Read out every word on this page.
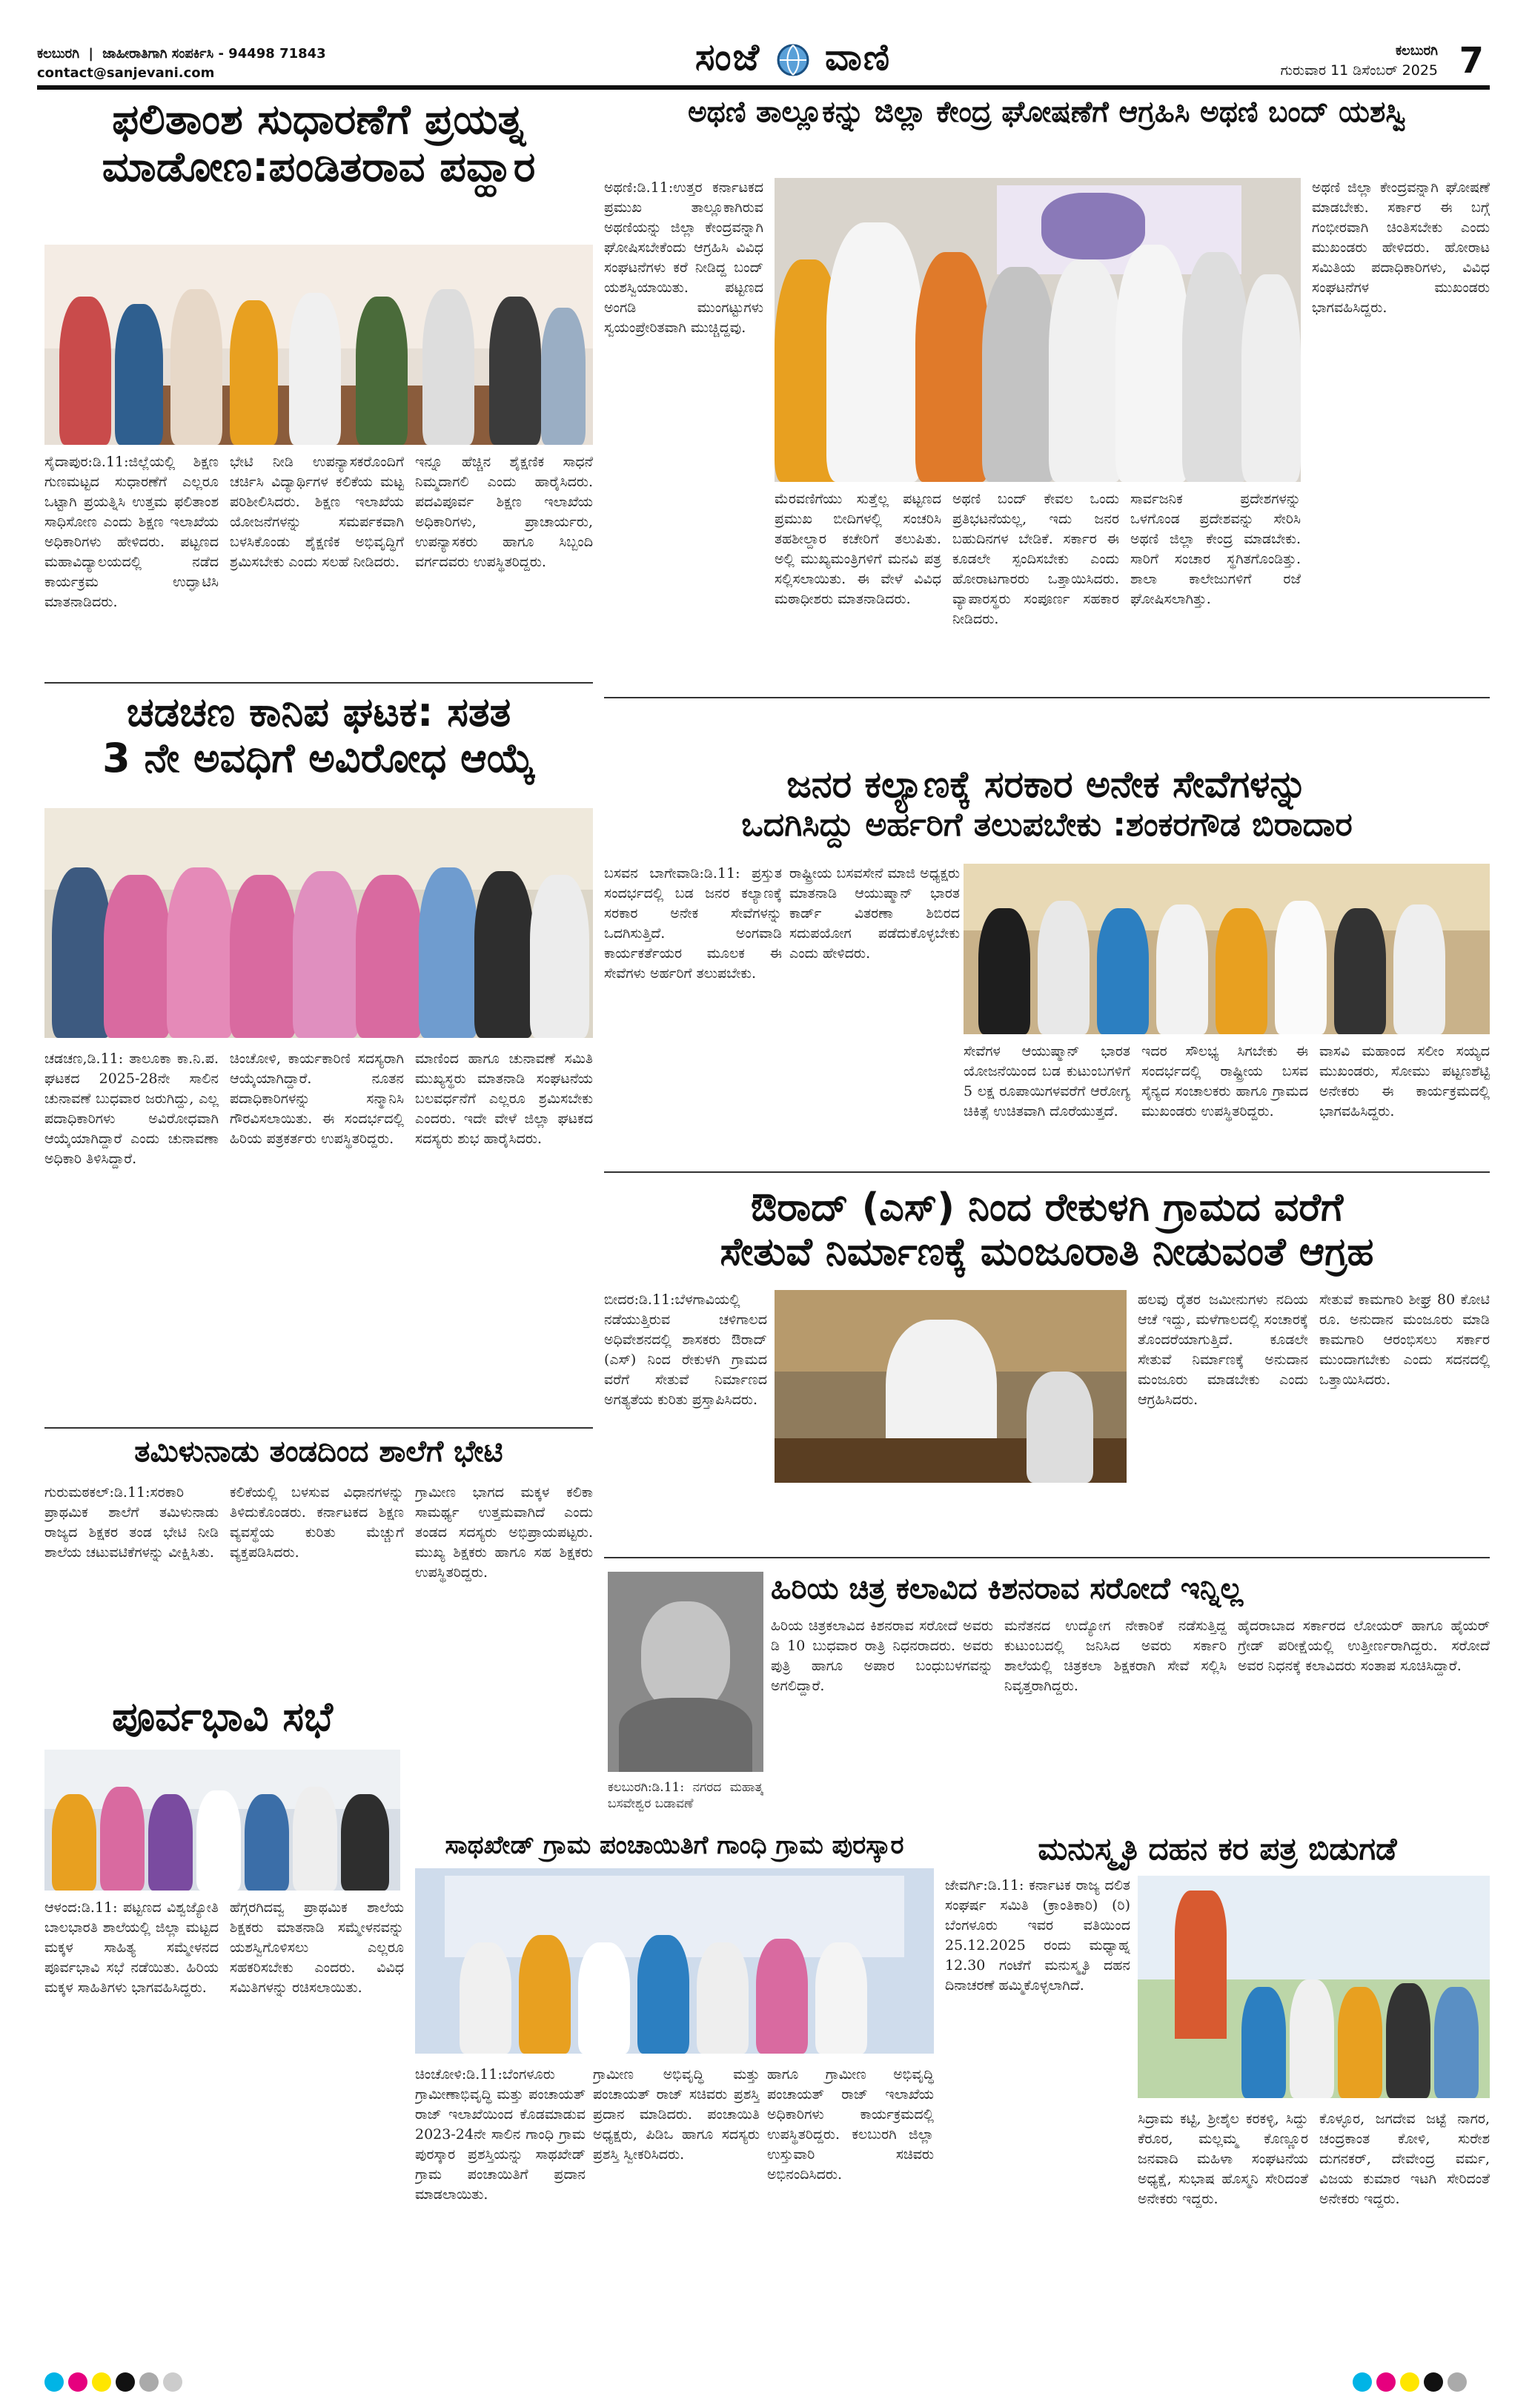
ಕಲಬುರಗಿ | ಜಾಹೀರಾತಿಗಾಗಿ ಸಂಪರ್ಕಿಸಿ - 94498 71843
contact@sanjevani.com	ಸಂಜೆ ವಾಣಿ	ಕಲಬುರಗಿ
ಗುರುವಾರ 11 ಡಿಸೆಂಬರ್ 2025 7
ಫಲಿತಾಂಶ ಸುಧಾರಣೆಗೆ ಪ್ರಯತ್ನ
ಮಾಡೋಣ:ಪಂಡಿತರಾವ ಪವ್ಹಾರ
ಸೈದಾಪುರ:ಡಿ.11:ಜಿಲ್ಲೆಯಲ್ಲಿ ಶಿಕ್ಷಣ ಗುಣಮಟ್ಟದ ಸುಧಾರಣೆಗೆ ಎಲ್ಲರೂ ಒಟ್ಟಾಗಿ ಪ್ರಯತ್ನಿಸಿ ಉತ್ತಮ ಫಲಿತಾಂಶ ಸಾಧಿಸೋಣ ಎಂದು ಶಿಕ್ಷಣ ಇಲಾಖೆಯ ಅಧಿಕಾರಿಗಳು ಹೇಳಿದರು. ಪಟ್ಟಣದ ಮಹಾವಿದ್ಯಾಲಯದಲ್ಲಿ ನಡೆದ ಕಾರ್ಯಕ್ರಮ ಉದ್ಘಾಟಿಸಿ ಮಾತನಾಡಿದರು.
ಭೇಟಿ ನೀಡಿ ಉಪನ್ಯಾಸಕರೊಂದಿಗೆ ಚರ್ಚಿಸಿ ವಿದ್ಯಾರ್ಥಿಗಳ ಕಲಿಕೆಯ ಮಟ್ಟ ಪರಿಶೀಲಿಸಿದರು. ಶಿಕ್ಷಣ ಇಲಾಖೆಯ ಯೋಜನೆಗಳನ್ನು ಸಮರ್ಪಕವಾಗಿ ಬಳಸಿಕೊಂಡು ಶೈಕ್ಷಣಿಕ ಅಭಿವೃದ್ಧಿಗೆ ಶ್ರಮಿಸಬೇಕು ಎಂದು ಸಲಹೆ ನೀಡಿದರು.
ಇನ್ನೂ ಹೆಚ್ಚಿನ ಶೈಕ್ಷಣಿಕ ಸಾಧನೆ ನಿಮ್ಮದಾಗಲಿ ಎಂದು ಹಾರೈಸಿದರು. ಪದವಿಪೂರ್ವ ಶಿಕ್ಷಣ ಇಲಾಖೆಯ ಅಧಿಕಾರಿಗಳು, ಪ್ರಾಚಾರ್ಯರು, ಉಪನ್ಯಾಸಕರು ಹಾಗೂ ಸಿಬ್ಬಂದಿ ವರ್ಗದವರು ಉಪಸ್ಥಿತರಿದ್ದರು.
ಅಥಣಿ ತಾಲ್ಲೂಕನ್ನು ಜಿಲ್ಲಾ ಕೇಂದ್ರ ಘೋಷಣೆಗೆ ಆಗ್ರಹಿಸಿ ಅಥಣಿ ಬಂದ್ ಯಶಸ್ವಿ
ಅಥಣಿ:ಡಿ.11:ಉತ್ತರ ಕರ್ನಾಟಕದ ಪ್ರಮುಖ ತಾಲ್ಲೂಕಾಗಿರುವ ಅಥಣಿಯನ್ನು ಜಿಲ್ಲಾ ಕೇಂದ್ರವನ್ನಾಗಿ ಘೋಷಿಸಬೇಕೆಂದು ಆಗ್ರಹಿಸಿ ವಿವಿಧ ಸಂಘಟನೆಗಳು ಕರೆ ನೀಡಿದ್ದ ಬಂದ್ ಯಶಸ್ವಿಯಾಯಿತು. ಪಟ್ಟಣದ ಅಂಗಡಿ ಮುಂಗಟ್ಟುಗಳು ಸ್ವಯಂಪ್ರೇರಿತವಾಗಿ ಮುಚ್ಚಿದ್ದವು.
ಮೆರವಣಿಗೆಯು ಸುತ್ತೆಲ್ಲ ಪಟ್ಟಣದ ಪ್ರಮುಖ ಬೀದಿಗಳಲ್ಲಿ ಸಂಚರಿಸಿ ತಹಶೀಲ್ದಾರ ಕಚೇರಿಗೆ ತಲುಪಿತು. ಅಲ್ಲಿ ಮುಖ್ಯಮಂತ್ರಿಗಳಿಗೆ ಮನವಿ ಪತ್ರ ಸಲ್ಲಿಸಲಾಯಿತು. ಈ ವೇಳೆ ವಿವಿಧ ಮಠಾಧೀಶರು ಮಾತನಾಡಿದರು.
ಅಥಣಿ ಬಂದ್ ಕೇವಲ ಒಂದು ಪ್ರತಿಭಟನೆಯಲ್ಲ, ಇದು ಜನರ ಬಹುದಿನಗಳ ಬೇಡಿಕೆ. ಸರ್ಕಾರ ಈ ಕೂಡಲೇ ಸ್ಪಂದಿಸಬೇಕು ಎಂದು ಹೋರಾಟಗಾರರು ಒತ್ತಾಯಿಸಿದರು. ವ್ಯಾಪಾರಸ್ಥರು ಸಂಪೂರ್ಣ ಸಹಕಾರ ನೀಡಿದರು.
ಸಾರ್ವಜನಿಕ ಪ್ರದೇಶಗಳನ್ನು ಒಳಗೊಂಡ ಪ್ರದೇಶವನ್ನು ಸೇರಿಸಿ ಅಥಣಿ ಜಿಲ್ಲಾ ಕೇಂದ್ರ ಮಾಡಬೇಕು. ಸಾರಿಗೆ ಸಂಚಾರ ಸ್ಥಗಿತಗೊಂಡಿತ್ತು. ಶಾಲಾ ಕಾಲೇಜುಗಳಿಗೆ ರಜೆ ಘೋಷಿಸಲಾಗಿತ್ತು.
ಅಥಣಿ ಜಿಲ್ಲಾ ಕೇಂದ್ರವನ್ನಾಗಿ ಘೋಷಣೆ ಮಾಡಬೇಕು. ಸರ್ಕಾರ ಈ ಬಗ್ಗೆ ಗಂಭೀರವಾಗಿ ಚಿಂತಿಸಬೇಕು ಎಂದು ಮುಖಂಡರು ಹೇಳಿದರು. ಹೋರಾಟ ಸಮಿತಿಯ ಪದಾಧಿಕಾರಿಗಳು, ವಿವಿಧ ಸಂಘಟನೆಗಳ ಮುಖಂಡರು ಭಾಗವಹಿಸಿದ್ದರು.
ಚಡಚಣ ಕಾನಿಪ ಘಟಕ: ಸತತ
3 ನೇ ಅವಧಿಗೆ ಅವಿರೋಧ ಆಯ್ಕೆ
ಚಡಚಣ,ಡಿ.11: ತಾಲೂಕಾ ಕಾ.ನಿ.ಪ. ಘಟಕದ 2025-28ನೇ ಸಾಲಿನ ಚುನಾವಣೆ ಬುಧವಾರ ಜರುಗಿದ್ದು, ಎಲ್ಲ ಪದಾಧಿಕಾರಿಗಳು ಅವಿರೋಧವಾಗಿ ಆಯ್ಕೆಯಾಗಿದ್ದಾರೆ ಎಂದು ಚುನಾವಣಾ ಅಧಿಕಾರಿ ತಿಳಿಸಿದ್ದಾರೆ.
ಚಿಂಚೋಳಿ, ಕಾರ್ಯಕಾರಿಣಿ ಸದಸ್ಯರಾಗಿ ಆಯ್ಕೆಯಾಗಿದ್ದಾರೆ. ನೂತನ ಪದಾಧಿಕಾರಿಗಳನ್ನು ಸನ್ಮಾನಿಸಿ ಗೌರವಿಸಲಾಯಿತು. ಈ ಸಂದರ್ಭದಲ್ಲಿ ಹಿರಿಯ ಪತ್ರಕರ್ತರು ಉಪಸ್ಥಿತರಿದ್ದರು.
ಮಾಣಿಂದ ಹಾಗೂ ಚುನಾವಣೆ ಸಮಿತಿ ಮುಖ್ಯಸ್ಥರು ಮಾತನಾಡಿ ಸಂಘಟನೆಯ ಬಲವರ್ಧನೆಗೆ ಎಲ್ಲರೂ ಶ್ರಮಿಸಬೇಕು ಎಂದರು. ಇದೇ ವೇಳೆ ಜಿಲ್ಲಾ ಘಟಕದ ಸದಸ್ಯರು ಶುಭ ಹಾರೈಸಿದರು.
ಜನರ ಕಲ್ಯಾಣಕ್ಕೆ ಸರಕಾರ ಅನೇಕ ಸೇವೆಗಳನ್ನು
ಒದಗಿಸಿದ್ದು ಅರ್ಹರಿಗೆ ತಲುಪಬೇಕು :ಶಂಕರಗೌಡ ಬಿರಾದಾರ
ಬಸವನ ಬಾಗೇವಾಡಿ:ಡಿ.11: ಪ್ರಸ್ತುತ ಸಂದರ್ಭದಲ್ಲಿ ಬಡ ಜನರ ಕಲ್ಯಾಣಕ್ಕೆ ಸರಕಾರ ಅನೇಕ ಸೇವೆಗಳನ್ನು ಒದಗಿಸುತ್ತಿದೆ. ಅಂಗವಾಡಿ ಕಾರ್ಯಕರ್ತೆಯರ ಮೂಲಕ ಈ ಸೇವೆಗಳು ಅರ್ಹರಿಗೆ ತಲುಪಬೇಕು.
ರಾಷ್ಟ್ರೀಯ ಬಸವಸೇನೆ ಮಾಜಿ ಅಧ್ಯಕ್ಷರು ಮಾತನಾಡಿ ಆಯುಷ್ಮಾನ್ ಭಾರತ ಕಾರ್ಡ್ ವಿತರಣಾ ಶಿಬಿರದ ಸದುಪಯೋಗ ಪಡೆದುಕೊಳ್ಳಬೇಕು ಎಂದು ಹೇಳಿದರು.
ಸೇವೆಗಳ ಆಯುಷ್ಮಾನ್ ಭಾರತ ಯೋಜನೆಯಿಂದ ಬಡ ಕುಟುಂಬಗಳಿಗೆ 5 ಲಕ್ಷ ರೂಪಾಯಿಗಳವರೆಗೆ ಆರೋಗ್ಯ ಚಿಕಿತ್ಸೆ ಉಚಿತವಾಗಿ ದೊರೆಯುತ್ತದೆ.
ಇದರ ಸೌಲಭ್ಯ ಸಿಗಬೇಕು ಈ ಸಂದರ್ಭದಲ್ಲಿ ರಾಷ್ಟ್ರೀಯ ಬಸವ ಸೈನ್ಯದ ಸಂಚಾಲಕರು ಹಾಗೂ ಗ್ರಾಮದ ಮುಖಂಡರು ಉಪಸ್ಥಿತರಿದ್ದರು.
ವಾಸವಿ ಮಹಾಂದ ಸಲೀಂ ಸಯ್ಯದ ಮುಖಂಡರು, ಸೋಮು ಪಟ್ಟಣಶೆಟ್ಟಿ ಅನೇಕರು ಈ ಕಾರ್ಯಕ್ರಮದಲ್ಲಿ ಭಾಗವಹಿಸಿದ್ದರು.
ಔರಾದ್ (ಎಸ್) ನಿಂದ ರೇಕುಳಗಿ ಗ್ರಾಮದ ವರೆಗೆ
ಸೇತುವೆ ನಿರ್ಮಾಣಕ್ಕೆ ಮಂಜೂರಾತಿ ನೀಡುವಂತೆ ಆಗ್ರಹ
ಬೀದರ:ಡಿ.11:ಬೆಳಗಾವಿಯಲ್ಲಿ ನಡೆಯುತ್ತಿರುವ ಚಳಿಗಾಲದ ಅಧಿವೇಶನದಲ್ಲಿ ಶಾಸಕರು ಔರಾದ್ (ಎಸ್) ನಿಂದ ರೇಕುಳಗಿ ಗ್ರಾಮದ ವರೆಗೆ ಸೇತುವೆ ನಿರ್ಮಾಣದ ಅಗತ್ಯತೆಯ ಕುರಿತು ಪ್ರಸ್ತಾಪಿಸಿದರು.
ಹಲವು ರೈತರ ಜಮೀನುಗಳು ನದಿಯ ಆಚೆ ಇದ್ದು, ಮಳೆಗಾಲದಲ್ಲಿ ಸಂಚಾರಕ್ಕೆ ತೊಂದರೆಯಾಗುತ್ತಿದೆ. ಕೂಡಲೇ ಸೇತುವೆ ನಿರ್ಮಾಣಕ್ಕೆ ಅನುದಾನ ಮಂಜೂರು ಮಾಡಬೇಕು ಎಂದು ಆಗ್ರಹಿಸಿದರು.
ಸೇತುವೆ ಕಾಮಗಾರಿ ಶೀಘ್ರ 80 ಕೋಟಿ ರೂ. ಅನುದಾನ ಮಂಜೂರು ಮಾಡಿ ಕಾಮಗಾರಿ ಆರಂಭಿಸಲು ಸರ್ಕಾರ ಮುಂದಾಗಬೇಕು ಎಂದು ಸದನದಲ್ಲಿ ಒತ್ತಾಯಿಸಿದರು.
ತಮಿಳುನಾಡು ತಂಡದಿಂದ ಶಾಲೆಗೆ ಭೇಟಿ
ಗುರುಮಠಕಲ್:ಡಿ.11:ಸರಕಾರಿ ಪ್ರಾಥಮಿಕ ಶಾಲೆಗೆ ತಮಿಳುನಾಡು ರಾಜ್ಯದ ಶಿಕ್ಷಕರ ತಂಡ ಭೇಟಿ ನೀಡಿ ಶಾಲೆಯ ಚಟುವಟಿಕೆಗಳನ್ನು ವೀಕ್ಷಿಸಿತು.
ಕಲಿಕೆಯಲ್ಲಿ ಬಳಸುವ ವಿಧಾನಗಳನ್ನು ತಿಳಿದುಕೊಂಡರು. ಕರ್ನಾಟಕದ ಶಿಕ್ಷಣ ವ್ಯವಸ್ಥೆಯ ಕುರಿತು ಮೆಚ್ಚುಗೆ ವ್ಯಕ್ತಪಡಿಸಿದರು.
ಗ್ರಾಮೀಣ ಭಾಗದ ಮಕ್ಕಳ ಕಲಿಕಾ ಸಾಮರ್ಥ್ಯ ಉತ್ತಮವಾಗಿದೆ ಎಂದು ತಂಡದ ಸದಸ್ಯರು ಅಭಿಪ್ರಾಯಪಟ್ಟರು. ಮುಖ್ಯ ಶಿಕ್ಷಕರು ಹಾಗೂ ಸಹ ಶಿಕ್ಷಕರು ಉಪಸ್ಥಿತರಿದ್ದರು.
ಪೂರ್ವಭಾವಿ ಸಭೆ
ಆಳಂದ:ಡಿ.11: ಪಟ್ಟಣದ ವಿಶ್ವಜ್ಯೋತಿ ಬಾಲಭಾರತಿ ಶಾಲೆಯಲ್ಲಿ ಜಿಲ್ಲಾ ಮಟ್ಟದ ಮಕ್ಕಳ ಸಾಹಿತ್ಯ ಸಮ್ಮೇಳನದ ಪೂರ್ವಭಾವಿ ಸಭೆ ನಡೆಯಿತು. ಹಿರಿಯ ಮಕ್ಕಳ ಸಾಹಿತಿಗಳು ಭಾಗವಹಿಸಿದ್ದರು.
ಹೆಗ್ಗರಗಿದವ್ವ ಪ್ರಾಥಮಿಕ ಶಾಲೆಯ ಶಿಕ್ಷಕರು ಮಾತನಾಡಿ ಸಮ್ಮೇಳನವನ್ನು ಯಶಸ್ವಿಗೊಳಿಸಲು ಎಲ್ಲರೂ ಸಹಕರಿಸಬೇಕು ಎಂದರು. ವಿವಿಧ ಸಮಿತಿಗಳನ್ನು ರಚಿಸಲಾಯಿತು.
ಕಲಬುರಗಿ:ಡಿ.11: ನಗರದ ಮಹಾತ್ಮ ಬಸವೇಶ್ವರ ಬಡಾವಣೆ
ಹಿರಿಯ ಚಿತ್ರ ಕಲಾವಿದ ಕಿಶನರಾವ ಸರೋದೆ ಇನ್ನಿಲ್ಲ
ಹಿರಿಯ ಚಿತ್ರಕಲಾವಿದ ಕಿಶನರಾವ ಸರೋದೆ ಅವರು ಡಿ 10 ಬುಧವಾರ ರಾತ್ರಿ ನಿಧನರಾದರು. ಅವರು ಪುತ್ರಿ ಹಾಗೂ ಅಪಾರ ಬಂಧುಬಳಗವನ್ನು ಅಗಲಿದ್ದಾರೆ.
ಮನೆತನದ ಉದ್ಯೋಗ ನೇಕಾರಿಕೆ ನಡೆಸುತ್ತಿದ್ದ ಕುಟುಂಬದಲ್ಲಿ ಜನಿಸಿದ ಅವರು ಸರ್ಕಾರಿ ಶಾಲೆಯಲ್ಲಿ ಚಿತ್ರಕಲಾ ಶಿಕ್ಷಕರಾಗಿ ಸೇವೆ ಸಲ್ಲಿಸಿ ನಿವೃತ್ತರಾಗಿದ್ದರು.
ಹೈದರಾಬಾದ ಸರ್ಕಾರದ ಲೋಯರ್ ಹಾಗೂ ಹೈಯರ್ ಗ್ರೇಡ್ ಪರೀಕ್ಷೆಯಲ್ಲಿ ಉತ್ತೀರ್ಣರಾಗಿದ್ದರು. ಸರೋದೆ ಅವರ ನಿಧನಕ್ಕೆ ಕಲಾವಿದರು ಸಂತಾಪ ಸೂಚಿಸಿದ್ದಾರೆ.
ಸಾಥಖೇಡ್ ಗ್ರಾಮ ಪಂಚಾಯಿತಿಗೆ ಗಾಂಧಿ ಗ್ರಾಮ ಪುರಸ್ಕಾರ
ಚಿಂಚೋಳಿ:ಡಿ.11:ಬೆಂಗಳೂರು ಗ್ರಾಮೀಣಾಭಿವೃದ್ಧಿ ಮತ್ತು ಪಂಚಾಯತ್ ರಾಜ್ ಇಲಾಖೆಯಿಂದ ಕೊಡಮಾಡುವ 2023-24ನೇ ಸಾಲಿನ ಗಾಂಧಿ ಗ್ರಾಮ ಪುರಸ್ಕಾರ ಪ್ರಶಸ್ತಿಯನ್ನು ಸಾಥಖೇಡ್ ಗ್ರಾಮ ಪಂಚಾಯಿತಿಗೆ ಪ್ರದಾನ ಮಾಡಲಾಯಿತು.
ಗ್ರಾಮೀಣ ಅಭಿವೃದ್ಧಿ ಮತ್ತು ಪಂಚಾಯತ್ ರಾಜ್ ಸಚಿವರು ಪ್ರಶಸ್ತಿ ಪ್ರದಾನ ಮಾಡಿದರು. ಪಂಚಾಯಿತಿ ಅಧ್ಯಕ್ಷರು, ಪಿಡಿಒ ಹಾಗೂ ಸದಸ್ಯರು ಪ್ರಶಸ್ತಿ ಸ್ವೀಕರಿಸಿದರು.
ಹಾಗೂ ಗ್ರಾಮೀಣ ಅಭಿವೃದ್ಧಿ ಪಂಚಾಯತ್ ರಾಜ್ ಇಲಾಖೆಯ ಅಧಿಕಾರಿಗಳು ಕಾರ್ಯಕ್ರಮದಲ್ಲಿ ಉಪಸ್ಥಿತರಿದ್ದರು. ಕಲಬುರಗಿ ಜಿಲ್ಲಾ ಉಸ್ತುವಾರಿ ಸಚಿವರು ಅಭಿನಂದಿಸಿದರು.
ಮನುಸ್ಮೃತಿ ದಹನ ಕರ ಪತ್ರ ಬಿಡುಗಡೆ
ಜೇವರ್ಗಿ:ಡಿ.11: ಕರ್ನಾಟಕ ರಾಜ್ಯ ದಲಿತ ಸಂಘರ್ಷ ಸಮಿತಿ (ಕ್ರಾಂತಿಕಾರಿ) (ರಿ) ಬೆಂಗಳೂರು ಇವರ ವತಿಯಿಂದ 25.12.2025 ರಂದು ಮಧ್ಯಾಹ್ನ 12.30 ಗಂಟೆಗೆ ಮನುಸ್ಮೃತಿ ದಹನ ದಿನಾಚರಣೆ ಹಮ್ಮಿಕೊಳ್ಳಲಾಗಿದೆ.
ಸಿದ್ರಾಮ ಕಟ್ಟಿ, ಶ್ರೀಶೈಲ ಕರಕಳ್ಳಿ, ಸಿದ್ದು ಕೆರೂರ, ಮಲ್ಲಮ್ಮ ಕೊಣ್ಣೂರ ಜನವಾದಿ ಮಹಿಳಾ ಸಂಘಟನೆಯ ಅಧ್ಯಕ್ಷೆ, ಸುಭಾಷ ಹೊಸ್ಮನಿ ಸೇರಿದಂತೆ ಅನೇಕರು ಇದ್ದರು.
ಕೊಳ್ಳೂರ, ಜಗದೇವ ಜಟ್ಟೆ ನಾಗರ, ಚಂದ್ರಕಾಂತ ಕೋಳಿ, ಸುರೇಶ ದುಗನಕರ್, ದೇವೇಂದ್ರ ವರ್ಮ, ವಿಜಯ ಕುಮಾರ ಇಟಗಿ ಸೇರಿದಂತೆ ಅನೇಕರು ಇದ್ದರು.
